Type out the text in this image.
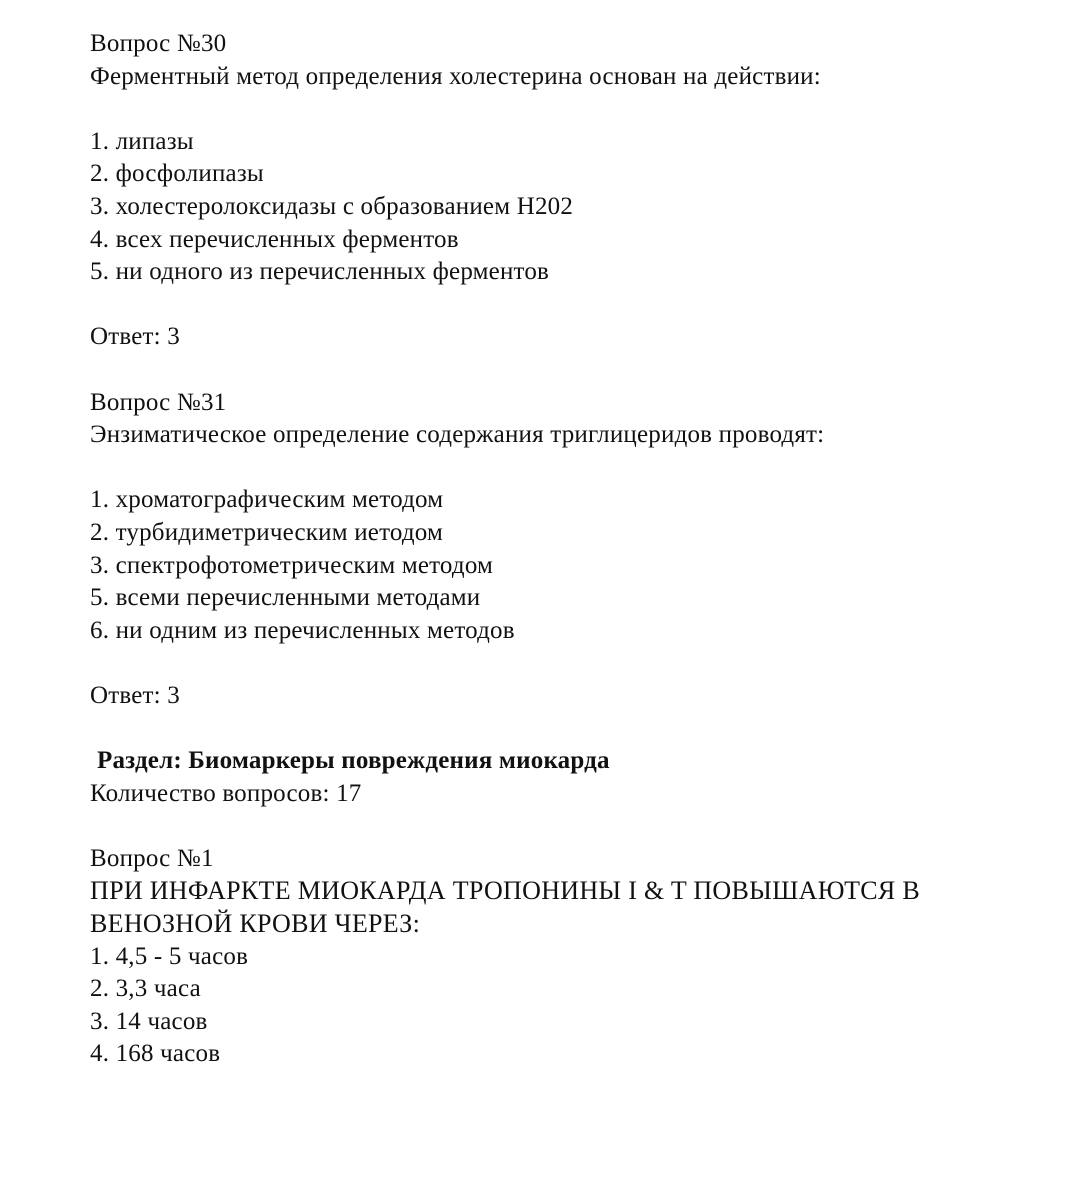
Вопрос №30
Ферментный метод определения холестерина основан на действии:
1. липазы
2. фосфолипазы
3. холестеролоксидазы с образованием Н202
4. всех перечисленных ферментов
5. ни одного из перечисленных ферментов
Ответ: 3
Вопрос №31
Энзиматическое определение содержания триглицеридов проводят:
1. хроматографическим методом
2. турбидиметрическим иетодом
3. спектрофотометрическим методом
5. всеми перечисленными методами
6. ни одним из перечисленных методов
Ответ: 3
Раздел: Биомаркеры повреждения миокарда
Количество вопросов: 17
Вопрос №1
ПРИ ИНФАРКТЕ МИОКАРДА ТРОПОНИНЫ I & T ПОВЫШАЮТСЯ В
ВЕНОЗНОЙ КРОВИ ЧЕРЕЗ:
1. 4,5 - 5 часов
2. 3,3 часа
3. 14 часов
4. 168 часов
